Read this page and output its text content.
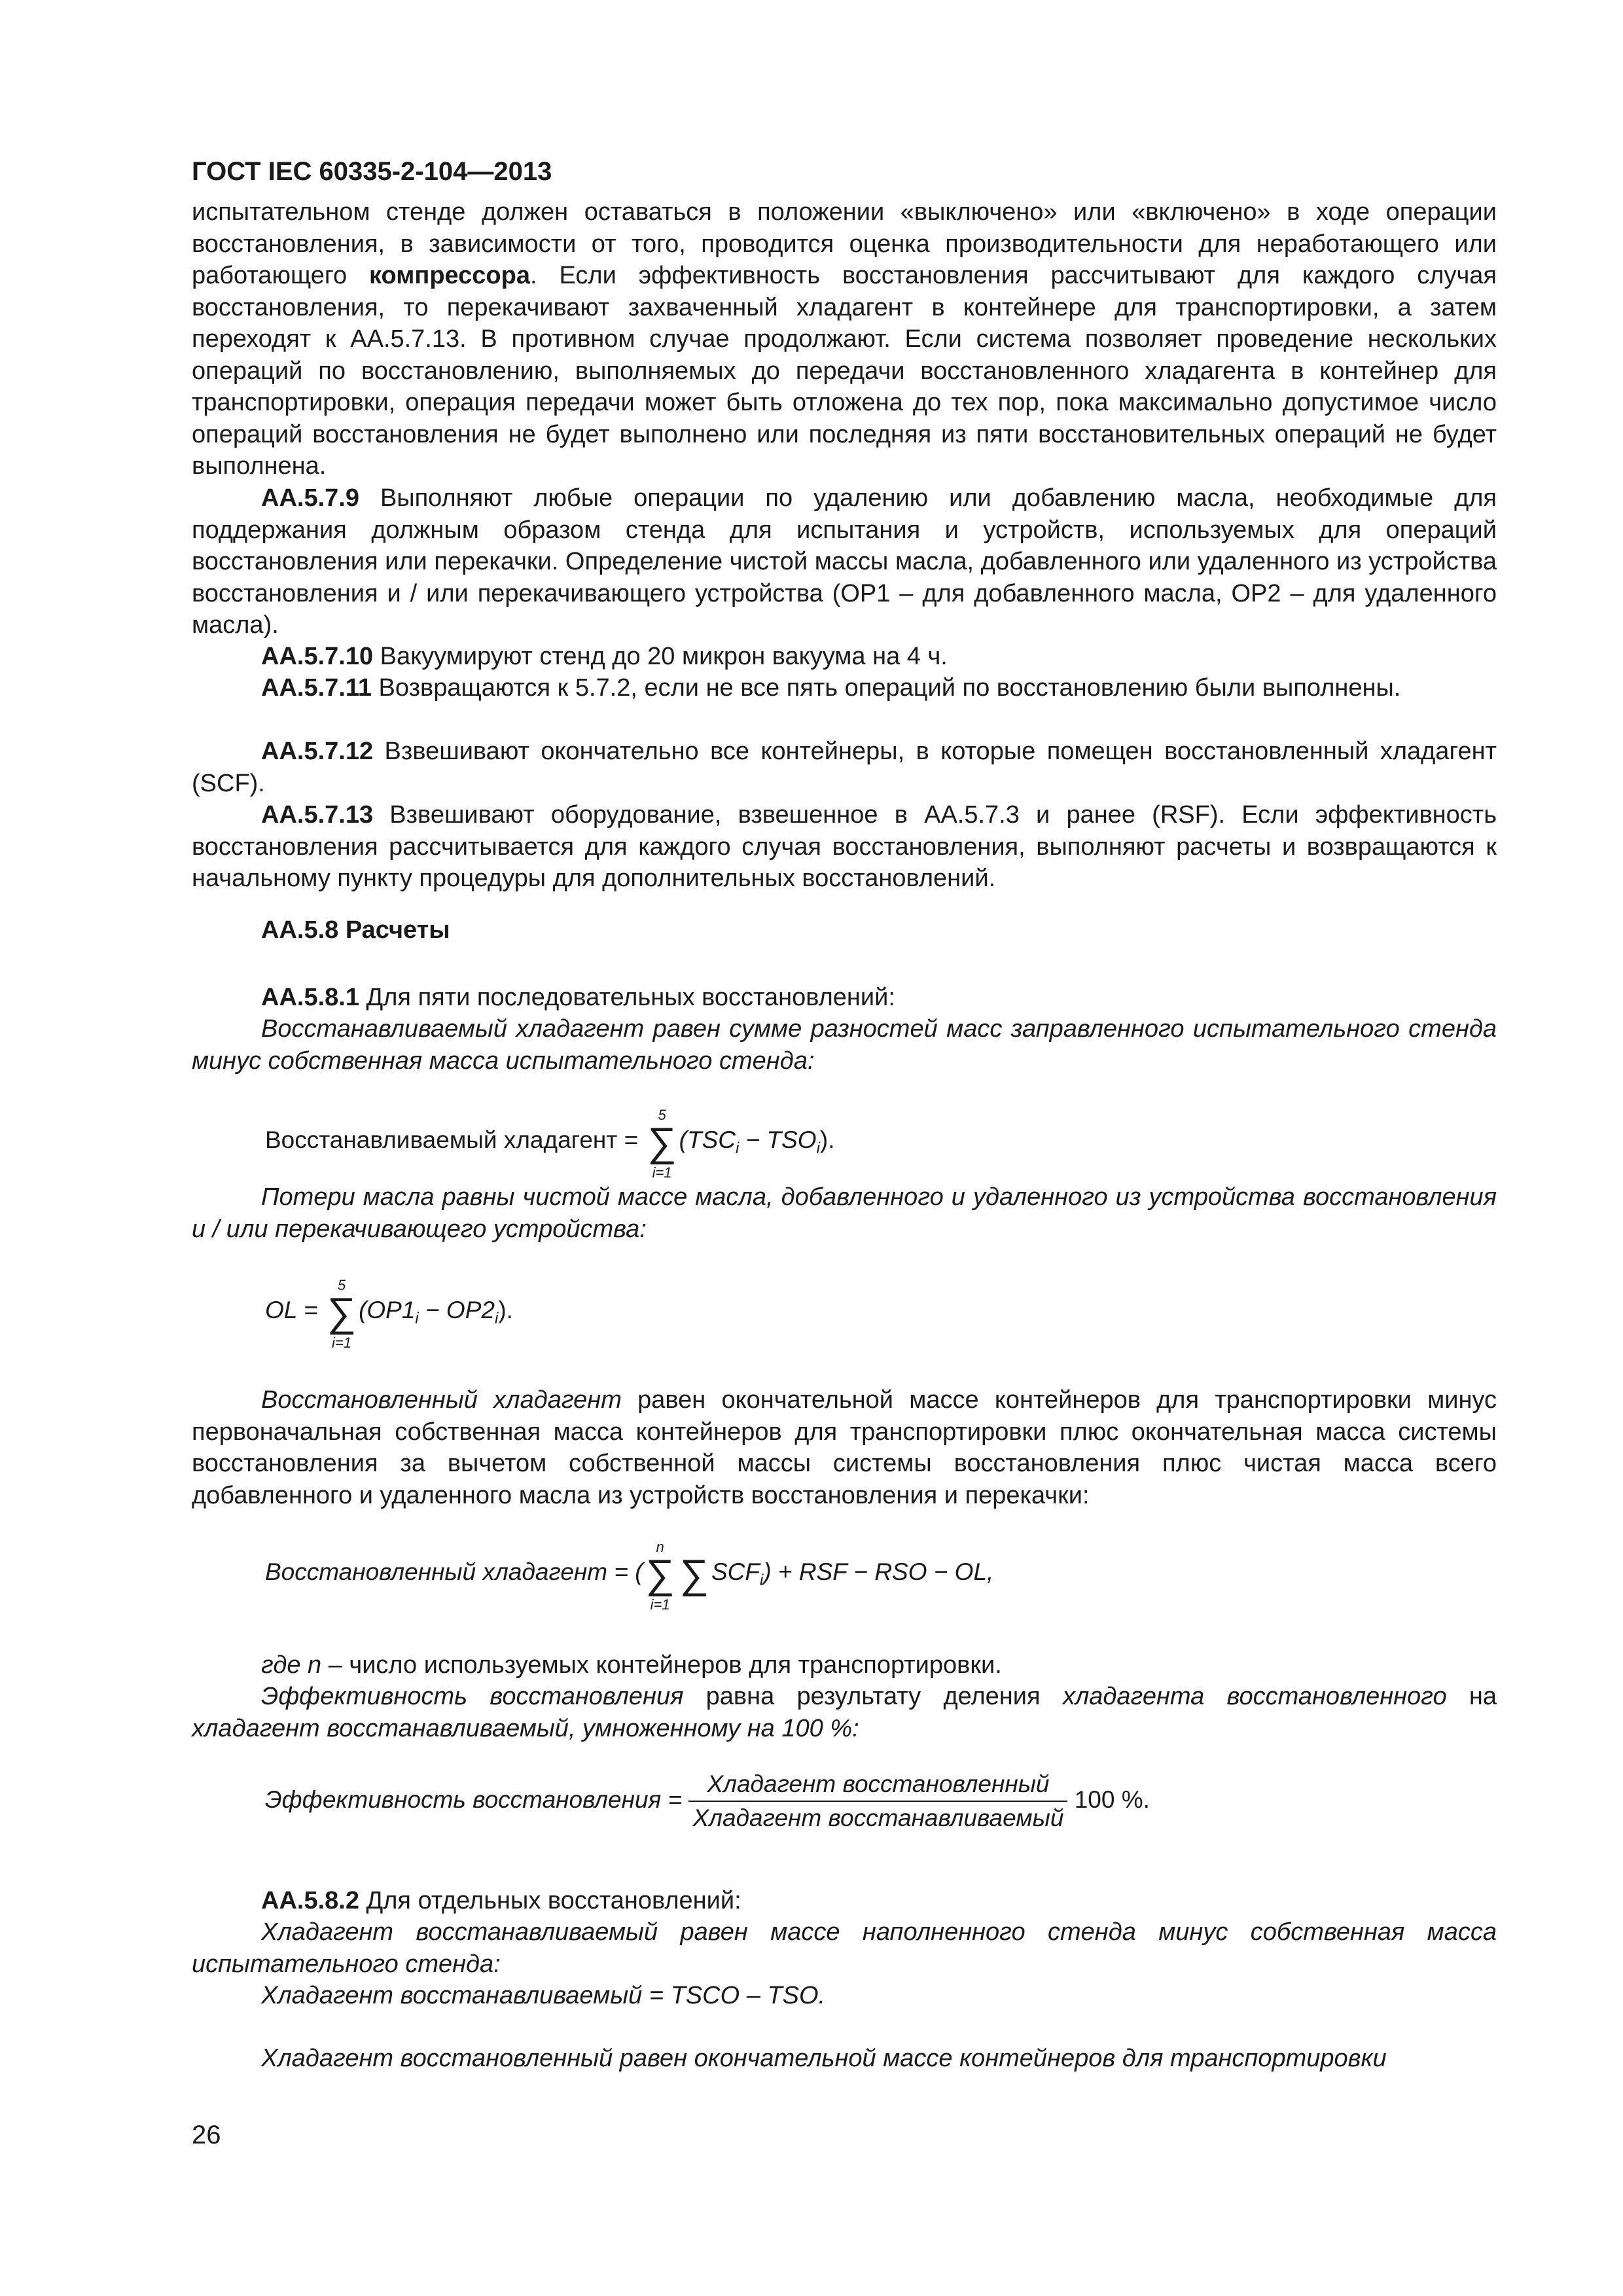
ГОСТ IEC 60335-2-104—2013

испытательном стенде должен оставаться в положении «выключено» или «включено» в ходе операции восстановления, в зависимости от того, проводится оценка производительности для неработающего или работающего компрессора. Если эффективность восстановления рассчитывают для каждого случая восстановления, то перекачивают захваченный хладагент в контейнере для транспортировки, а затем переходят к АА.5.7.13. В противном случае продолжают. Если система позволяет проведение нескольких операций по восстановлению, выполняемых до передачи восстановленного хладагента в контейнер для транспортировки, операция передачи может быть отложена до тех пор, пока максимально допустимое число операций восстановления не будет выполнено или последняя из пяти восстановительных операций не будет выполнена.

АА.5.7.9 Выполняют любые операции по удалению или добавлению масла, необходимые для поддержания должным образом стенда для испытания и устройств, используемых для операций восстановления или перекачки. Определение чистой массы масла, добавленного или удаленного из устройства восстановления и / или перекачивающего устройства (ОР1 – для добавленного масла, ОР2 – для удаленного масла).

АА.5.7.10 Вакуумируют стенд до 20 микрон вакуума на 4 ч.

АА.5.7.11 Возвращаются к 5.7.2, если не все пять операций по восстановлению были выполнены.

АА.5.7.12 Взвешивают окончательно все контейнеры, в которые помещен восстановленный хладагент (SCF).

АА.5.7.13 Взвешивают оборудование, взвешенное в АА.5.7.3 и ранее (RSF). Если эффективность восстановления рассчитывается для каждого случая восстановления, выполняют расчеты и возвращаются к начальному пункту процедуры для дополнительных восстановлений.

АА.5.8 Расчеты

АА.5.8.1 Для пяти последовательных восстановлений:

Восстанавливаемый хладагент равен сумме разностей масс заправленного испытательного стенда минус собственная масса испытательного стенда:

Восстанавливаемый хладагент = ∑
5
i=1
$(TSC_i - TSO_i)$.

Потери масла равны чистой массе масла, добавленного и удаленного из устройства восстановления и / или перекачивающего устройства:

OL = ∑
5
i=1
$(OP1_i - OP2_i)$.

Восстановленный хладагент равен окончательной массе контейнеров для транспортировки минус первоначальная собственная масса контейнеров для транспортировки плюс окончательная масса системы восстановления за вычетом собственной массы системы восстановления плюс чистая масса всего добавленного и удаленного масла из устройств восстановления и перекачки:

Восстановленный хладагент = (∑
n
i=1
∑ $SCF_i$) + RSF − RSO − OL,

где n – число используемых контейнеров для транспортировки.

Эффективность восстановления равна результату деления хладагента восстановленного на хладагент восстанавливаемый, умноженному на 100 %:

Эффективность восстановления = $\frac{\text{Хладагент восстановленный}}{\text{Хладагент восстанавливаемый}} 100$ %.

АА.5.8.2 Для отдельных восстановлений:

Хладагент восстанавливаемый равен массе наполненного стенда минус собственная масса испытательного стенда:

Хладагент восстанавливаемый = TSCO – TSO.

Хладагент восстановленный равен окончательной массе контейнеров для транспортировки

26
